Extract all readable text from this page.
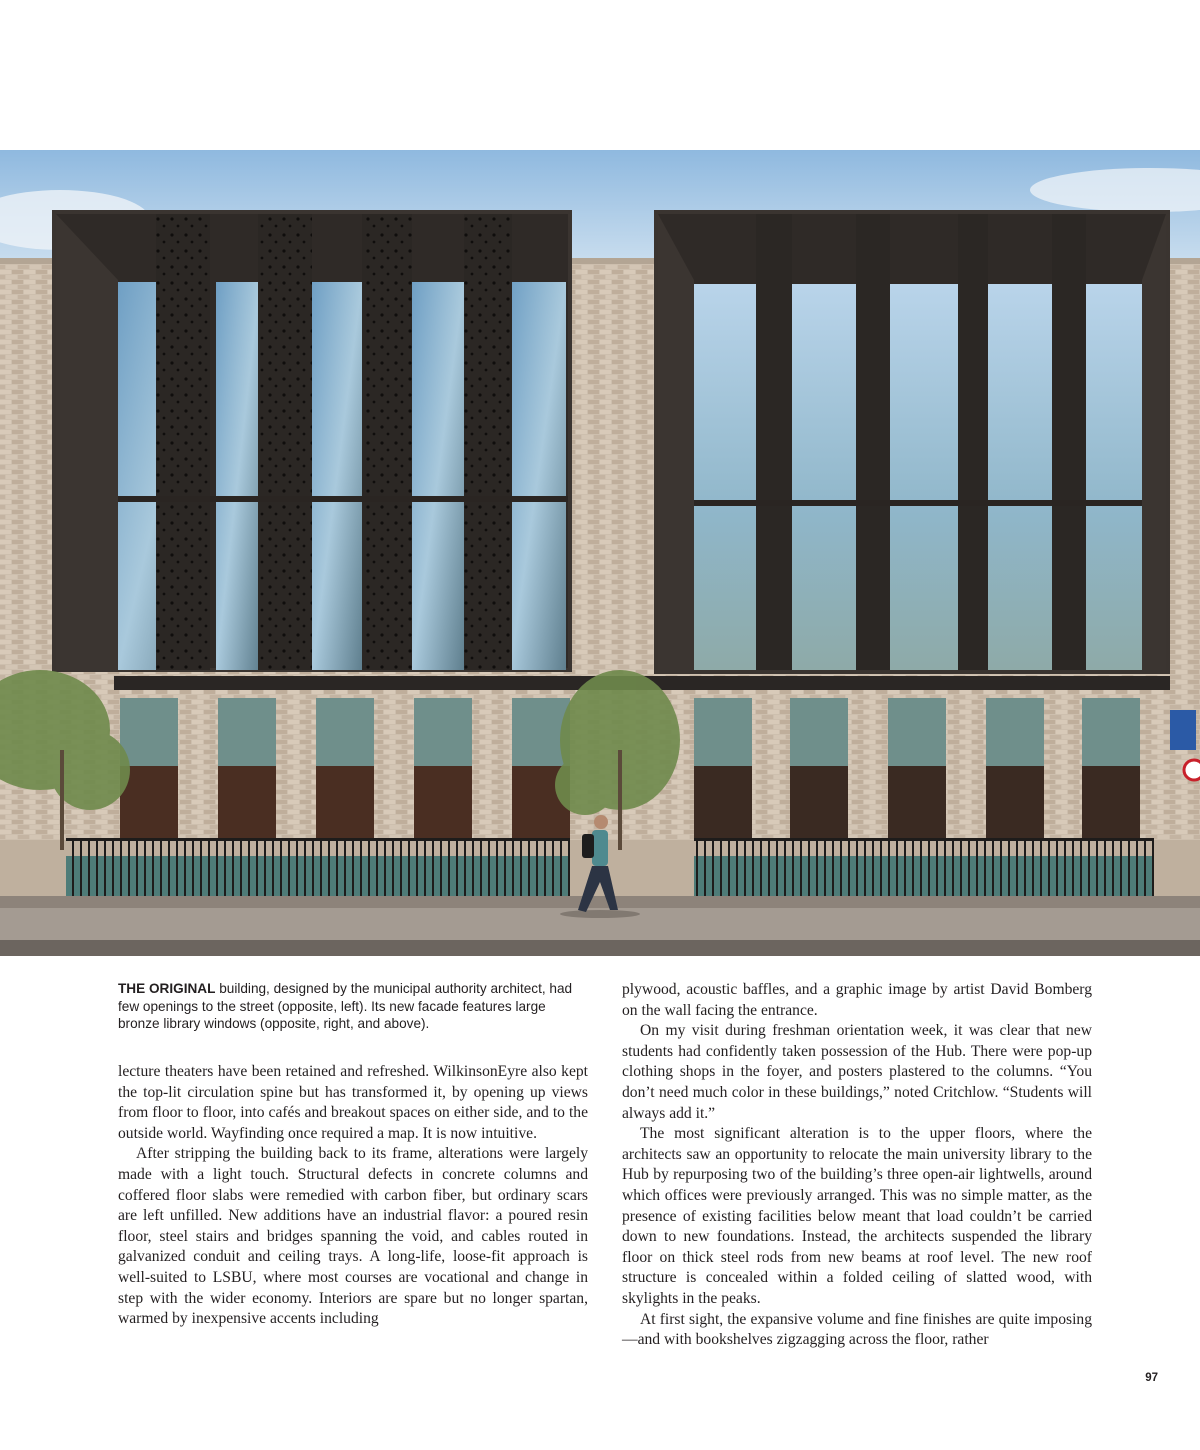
THE ORIGINAL building, designed by the municipal authority architect, had few openings to the street (opposite, left). Its new facade features large bronze library windows (opposite, right, and above).

lecture theaters have been retained and refreshed. WilkinsonEyre also kept the top-lit circulation spine but has transformed it, by opening up views from floor to floor, into cafés and breakout spaces on either side, and to the outside world. Wayfinding once required a map. It is now intuitive.

After stripping the building back to its frame, alterations were largely made with a light touch. Structural defects in concrete columns and coffered floor slabs were remedied with carbon fiber, but ordinary scars are left unfilled. New additions have an industrial flavor: a poured resin floor, steel stairs and bridges spanning the void, and cables routed in galvanized conduit and ceiling trays. A long-life, loose-fit approach is well-suited to LSBU, where most courses are vocational and change in step with the wider economy. Interiors are spare but no longer spartan, warmed by inexpensive accents including

plywood, acoustic baffles, and a graphic image by artist David Bomberg on the wall facing the entrance.

On my visit during freshman orientation week, it was clear that new students had confidently taken possession of the Hub. There were pop-up clothing shops in the foyer, and posters plastered to the columns. “You don’t need much color in these buildings,” noted Critchlow. “Students will always add it.”

The most significant alteration is to the upper floors, where the architects saw an opportunity to relocate the main university library to the Hub by repurposing two of the building’s three open-air lightwells, around which offices were previously arranged. This was no simple matter, as the presence of existing facilities below meant that load couldn’t be carried down to new foundations. Instead, the architects suspended the library floor on thick steel rods from new beams at roof level. The new roof structure is concealed within a folded ceiling of slatted wood, with skylights in the peaks.

At first sight, the expansive volume and fine finishes are quite imposing—and with bookshelves zigzagging across the floor, rather

97
